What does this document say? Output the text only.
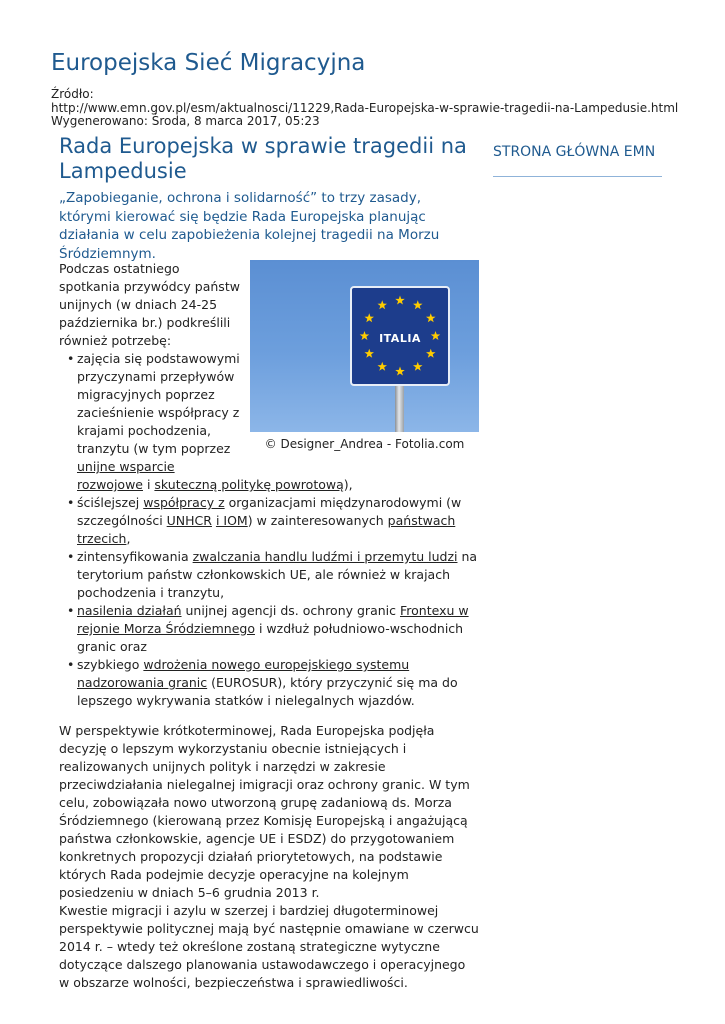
Europejska Sieć Migracyjna
Źródło:
http://www.emn.gov.pl/esm/aktualnosci/11229,Rada-Europejska-w-sprawie-tragedii-na-Lampedusie.html
Wygenerowano: Środa, 8 marca 2017, 05:23
Rada Europejska w sprawie tragedii na Lampedusie
STRONA GŁÓWNA EMN

„Zapobieganie, ochrona i solidarność” to trzy zasady, którymi kierować się będzie Rada Europejska planując działania w celu zapobieżenia kolejnej tragedii na Morzu Śródziemnym.

ITALIA
© Designer_Andrea - Fotolia.com

Podczas ostatniego spotkania przywódcy państw unijnych (w dniach 24-25 października br.) podkreślili również potrzebę:

• zajęcia się podstawowymi przyczynami przepływów migracyjnych poprzez zacieśnienie współpracy z krajami pochodzenia, tranzytu (w tym poprzez unijne wsparcie rozwojowe i skuteczną politykę powrotową),
• ściślejszej współpracy z organizacjami międzynarodowymi (w szczególności UNHCR i IOM) w zainteresowanych państwach trzecich,
• zintensyfikowania zwalczania handlu ludźmi i przemytu ludzi na terytorium państw członkowskich UE, ale również w krajach pochodzenia i tranzytu,
• nasilenia działań unijnej agencji ds. ochrony granic Frontexu w rejonie Morza Śródziemnego i wzdłuż południowo-wschodnich granic oraz
• szybkiego wdrożenia nowego europejskiego systemu nadzorowania granic (EUROSUR), który przyczynić się ma do lepszego wykrywania statków i nielegalnych wjazdów.

W perspektywie krótkoterminowej, Rada Europejska podjęła decyzję o lepszym wykorzystaniu obecnie istniejących i realizowanych unijnych polityk i narzędzi w zakresie przeciwdziałania nielegalnej imigracji oraz ochrony granic. W tym celu, zobowiązała nowo utworzoną grupę zadaniową ds. Morza Śródziemnego (kierowaną przez Komisję Europejską i angażującą państwa członkowskie, agencje UE i ESDZ) do przygotowaniem konkretnych propozycji działań priorytetowych, na podstawie których Rada podejmie decyzje operacyjne na kolejnym posiedzeniu w dniach 5–6 grudnia 2013 r.

Kwestie migracji i azylu w szerzej i bardziej długoterminowej perspektywie politycznej mają być następnie omawiane w czerwcu 2014 r. – wtedy też określone zostaną strategiczne wytyczne dotyczące dalszego planowania ustawodawczego i operacyjnego w obszarze wolności, bezpieczeństwa i sprawiedliwości.
